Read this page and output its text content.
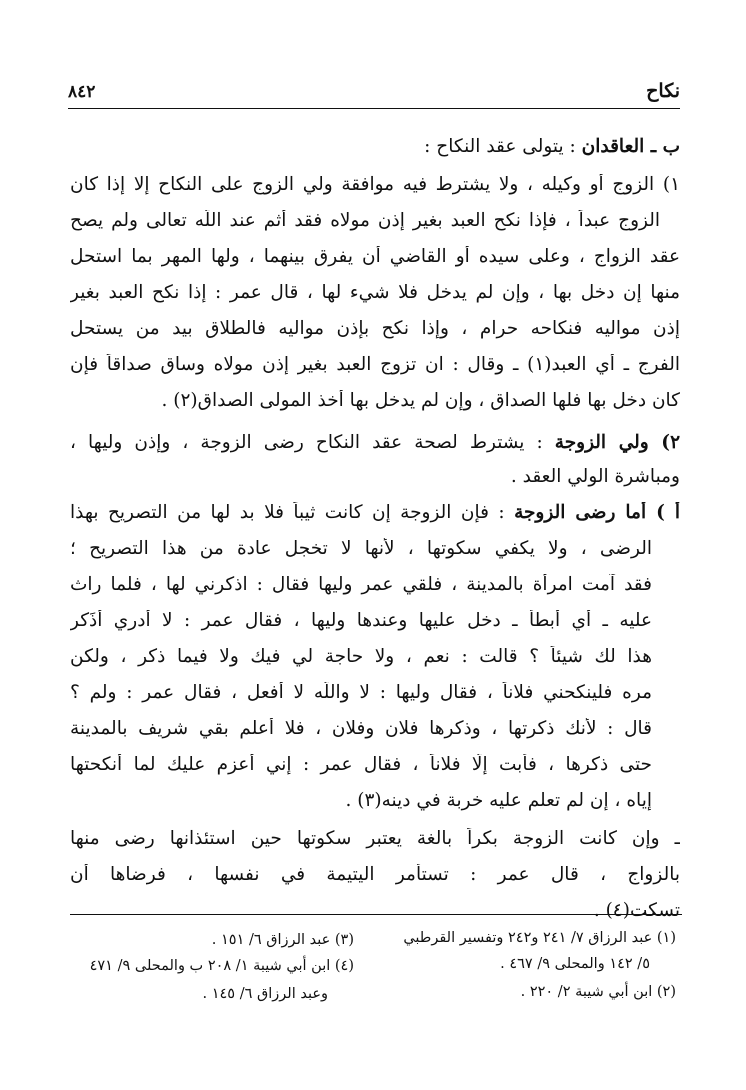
نكاح
٨٤٢
ب ـ العاقدان : يتولى عقد النكاح :
١) الزوج أو وكيله ، ولا يشترط فيه موافقة ولي الزوج على النكاح إلا إذا كان
الزوج عبداً ، فإذا نكح العبد بغير إذن مولاه فقد أثم عند اللّه تعالى ولم يصح
عقد الزواج ، وعلى سيده أو القاضي أن يفرق بينهما ، ولها المهر بما استحل
منها إن دخل بها ، وإن لم يدخل فلا شيء لها ، قال عمر : إذا نكح العبد بغير
إذن مواليه فنكاحه حرام ، وإذا نكح بإذن مواليه فالطلاق بيد من يستحل
الفرج ـ أي العبد(١) ـ وقال : ان تزوج العبد بغير إذن مولاه وساق صداقاً فإن
كان دخل بها فلها الصداق ، وإن لم يدخل بها أخذ المولى الصداق(٢) .
٢) ولي الزوجة : يشترط لصحة عقد النكاح رضى الزوجة ، وإذن وليها ،
ومباشرة الولي العقد .
أ ) أما رضى الزوجة : فإن الزوجة إن كانت ثيباً فلا بد لها من التصريح بهذا
الرضى ، ولا يكفي سكوتها ، لأنها لا تخجل عادة من هذا التصريح ؛
فقد آمت امرأة بالمدينة ، فلقي عمر وليها فقال : اذكرني لها ، فلما راث
عليه ـ أي أبطأ ـ دخل عليها وعندها وليها ، فقال عمر : لا أدري أذَكر
هذا لك شيئاً ؟ قالت : نعم ، ولا حاجة لي فيك ولا فيما ذكر ، ولكن
مره فلينكحني فلاناً ، فقال وليها : لا واللّه لا أفعل ، فقال عمر : ولم ؟
قال : لأنك ذكرتها ، وذكرها فلان وفلان ، فلا أعلم بقي شريف بالمدينة
حتى ذكرها ، فأبت إلّا فلاناً ، فقال عمر : إني أعزم عليك لما أنكحتها
إياه ، إن لم تعلم عليه خربة في دينه(٣) .
ـ وإن كانت الزوجة بكراً بالغة يعتبر سكوتها حين استئذانها رضى منها
بالزواج ، قال عمر : تستأمر اليتيمة في نفسها ، فرضاها أن
تسكت(٤) .
(١) عبد الرزاق ٧/ ٢٤١ و٢٤٢ وتفسير القرطبي
٥/ ١٤٢ والمحلى ٩/ ٤٦٧ .
(٢) ابن أبي شيبة ٢/ ٢٢٠ .
(٣) عبد الرزاق ٦/ ١٥١ .
(٤) ابن أبي شيبة ١/ ٢٠٨ ب والمحلى ٩/ ٤٧١
وعبد الرزاق ٦/ ١٤٥ .
